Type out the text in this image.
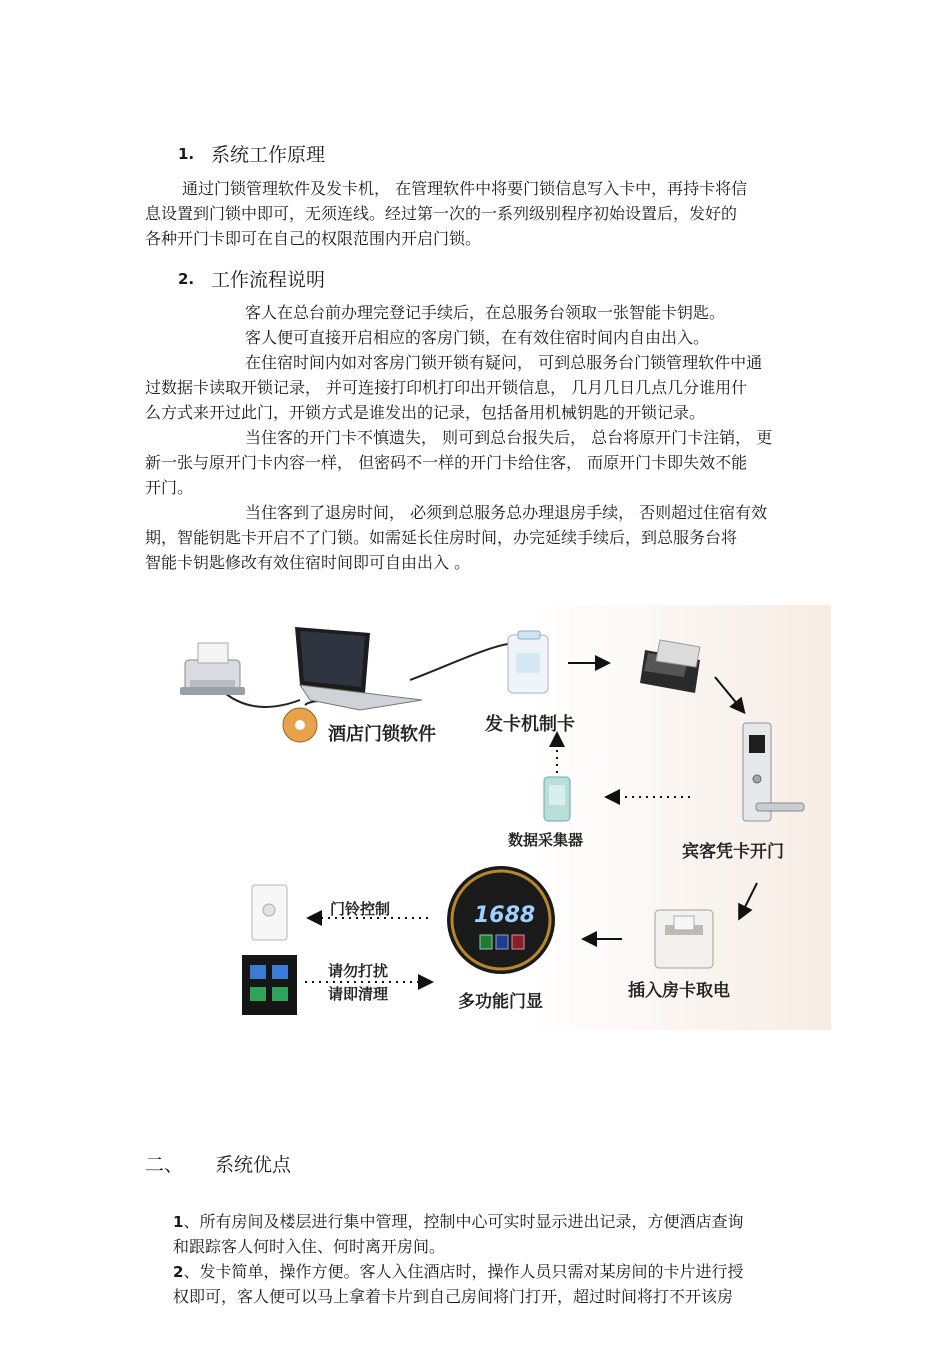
1. 系统工作原理
通过门锁管理软件及发卡机， 在管理软件中将要门锁信息写入卡中，再持卡将信
息设置到门锁中即可，无须连线。经过第一次的一系列级别程序初始设置后，发好的
各种开门卡即可在自己的权限范围内开启门锁。
2. 工作流程说明
客人在总台前办理完登记手续后，在总服务台领取一张智能卡钥匙。
客人便可直接开启相应的客房门锁，在有效住宿时间内自由出入。
在住宿时间内如对客房门锁开锁有疑问， 可到总服务台门锁管理软件中通
过数据卡读取开锁记录， 并可连接打印机打印出开锁信息， 几月几日几点几分谁用什
么方式来开过此门，开锁方式是谁发出的记录，包括备用机械钥匙的开锁记录。
当住客的开门卡不慎遗失， 则可到总台报失后， 总台将原开门卡注销， 更
新一张与原开门卡内容一样， 但密码不一样的开门卡给住客， 而原开门卡即失效不能
开门。
当住客到了退房时间， 必须到总服务总办理退房手续， 否则超过住宿有效
期，智能钥匙卡开启不了门锁。如需延长住房时间，办完延续手续后，到总服务台将
智能卡钥匙修改有效住宿时间即可自由出入 。
1688
酒店门锁软件	发卡机制卡
数据采集器
宾客凭卡开门
门铃控制
请勿打扰
请即清理	多功能门显
插入房卡取电
二、 系统优点
1、所有房间及楼层进行集中管理，控制中心可实时显示进出记录，方便酒店查询
和跟踪客人何时入住、何时离开房间。
2、发卡简单，操作方便。客人入住酒店时，操作人员只需对某房间的卡片进行授
权即可，客人便可以马上拿着卡片到自己房间将门打开，超过时间将打不开该房
